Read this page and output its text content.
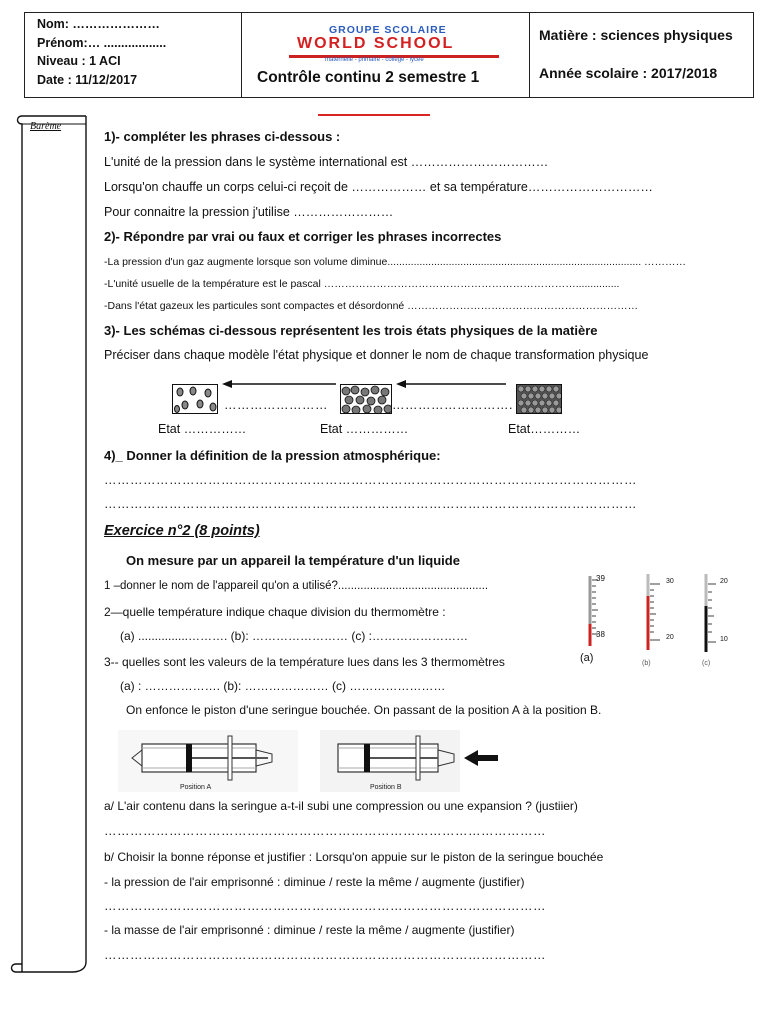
Nom: …………………
Prénom:… ..................
Niveau : 1 ACI
Date : 11/12/2017
GROUPE SCOLAIRE
WORLD SCHOOL
maternelle - primaire - collège - lycée
Contrôle continu 2 semestre 1
Matière : sciences physiques
Année scolaire : 2017/2018
Barème
1)- compléter les phrases ci-dessous :
L'unité de la pression dans le système international est ……………………………
Lorsqu'on chauffe un corps celui-ci reçoit de ……………… et sa température…………………………
Pour connaitre la pression j'utilise ……………………
2)- Répondre par vrai ou faux et corriger les phrases incorrectes
-La pression d'un gaz augmente lorsque son volume diminue....................................................................................... …………
-L'unité usuelle de la température est le pascal ………………………………………………………………...............
-Dans l'état gazeux les particules sont compactes et désordonné …………………………………………………………
3)- Les schémas ci-dessous représentent les trois états physiques de la matière
Préciser dans chaque modèle l'état physique et donner le nom de chaque transformation physique
……………………	……………………….
Etat ……………	Etat ……………	Etat…………
4)_ Donner la définition de la pression atmosphérique:
……………………………………………………………………………………………………………
……………………………………………………………………………………………………………
Exercice n°2 (8 points)
On mesure par un appareil la température d'un liquide
1 –donner le nom de l'appareil qu'on a utilisé?...............................................
2—quelle température indique chaque division du thermomètre :
(a) ...............………. (b): …………………… (c) :……………………
3-- quelles sont les valeurs de la température lues dans les 3 thermomètres
(a) : ………………. (b): ………………… (c) ……………………
39
38
(a)
30
20
(b)
20
10
(c)
On enfonce le piston d'une seringue bouchée. On passant de la position A à la position B.
Position A	Position B
a/ L'air contenu dans la seringue a-t-il subi une compression ou une expansion ? (justiier)
…………………………………………………………………………………………
b/ Choisir la bonne réponse et justifier : Lorsqu'on appuie sur le piston de la seringue bouchée
- la pression de l'air emprisonné : diminue / reste la même / augmente (justifier)
…………………………………………………………………………………………
- la masse de l'air emprisonné : diminue / reste la même / augmente (justifier)
…………………………………………………………………………………………
